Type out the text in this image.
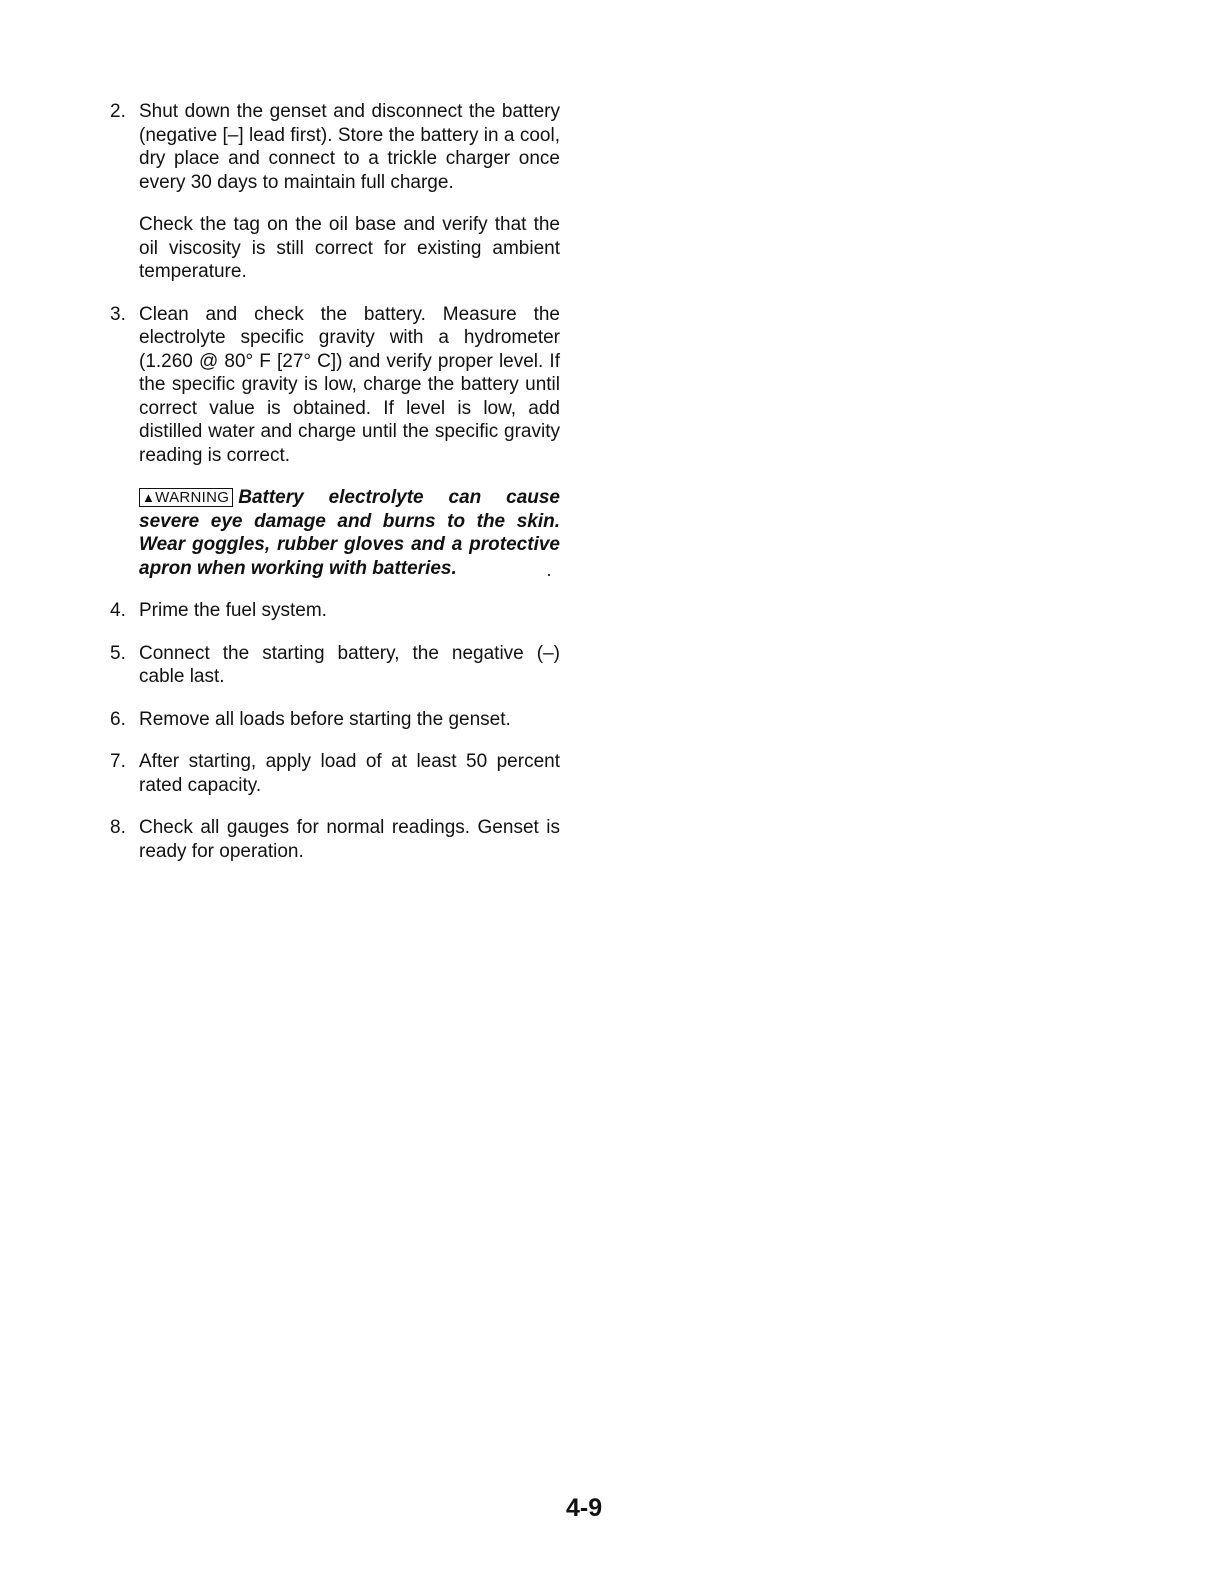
2. Shut down the genset and disconnect the battery (negative [–] lead first). Store the battery in a cool, dry place and connect to a trickle charger once every 30 days to maintain full charge.

Check the tag on the oil base and verify that the oil viscosity is still correct for existing ambient temperature.

3. Clean and check the battery. Measure the electrolyte specific gravity with a hydrometer (1.260 @ 80° F [27° C]) and verify proper level. If the specific gravity is low, charge the battery until correct value is obtained. If level is low, add distilled water and charge until the specific gravity reading is correct.

▲WARNING Battery electrolyte can cause severe eye damage and burns to the skin. Wear goggles, rubber gloves and a protective apron when working with batteries.

4. Prime the fuel system.
5. Connect the starting battery, the negative (–) cable last.
6. Remove all loads before starting the genset.
7. After starting, apply load of at least 50 percent rated capacity.
8. Check all gauges for normal readings. Genset is ready for operation.
4-9
